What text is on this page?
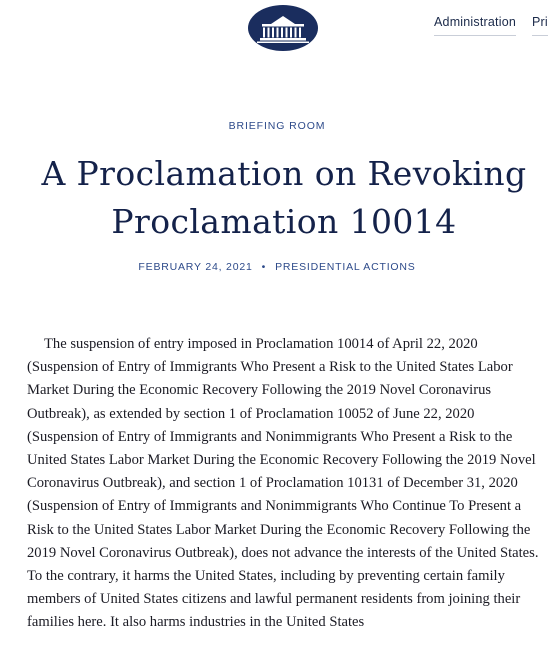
Administration Pri
BRIEFING ROOM
A Proclamation on Revoking Proclamation 10014
FEBRUARY 24, 2021 • PRESIDENTIAL ACTIONS

The suspension of entry imposed in Proclamation 10014 of April 22, 2020 (Suspension of Entry of Immigrants Who Present a Risk to the United States Labor Market During the Economic Recovery Following the 2019 Novel Coronavirus Outbreak), as extended by section 1 of Proclamation 10052 of June 22, 2020 (Suspension of Entry of Immigrants and Nonimmigrants Who Present a Risk to the United States Labor Market During the Economic Recovery Following the 2019 Novel Coronavirus Outbreak), and section 1 of Proclamation 10131 of December 31, 2020 (Suspension of Entry of Immigrants and Nonimmigrants Who Continue To Present a Risk to the United States Labor Market During the Economic Recovery Following the 2019 Novel Coronavirus Outbreak), does not advance the interests of the United States. To the contrary, it harms the United States, including by preventing certain family members of United States citizens and lawful permanent residents from joining their families here. It also harms industries in the United States
